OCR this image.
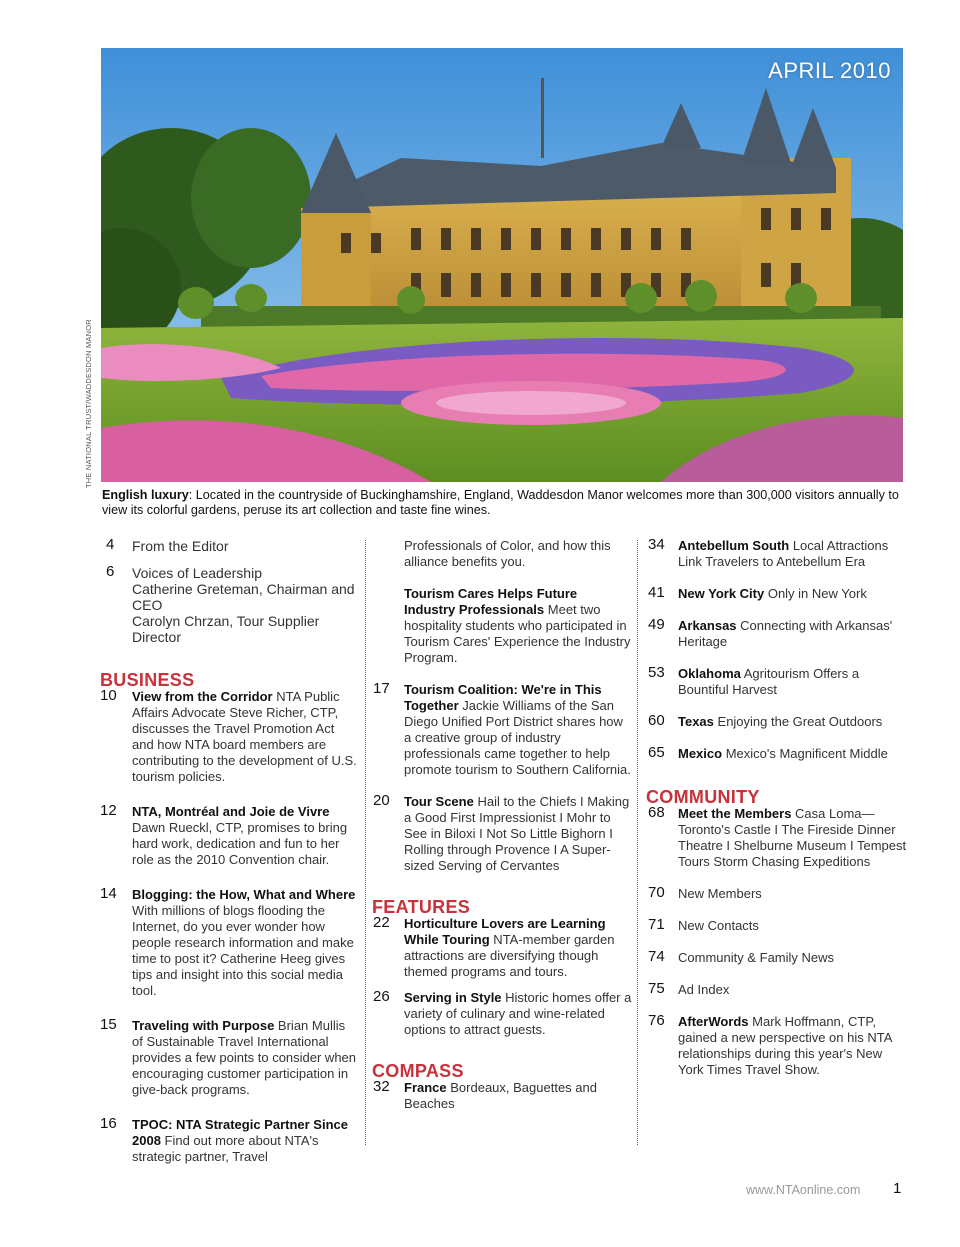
APRIL 2010
THE NATIONAL TRUST/WADDESDON MANOR
English luxury: Located in the countryside of Buckinghamshire, England, Waddesdon Manor welcomes more than 300,000 visitors annually to view its colorful gardens, peruse its art collection and taste fine wines.
4	From the Editor
6	Voices of Leadership
Catherine Greteman, Chairman and CEO
Carolyn Chrzan, Tour Supplier Director
BUSINESS
10	View from the Corridor NTA Public Affairs Advocate Steve Richer, CTP, discusses the Travel Promotion Act and how NTA board members are contributing to the development of U.S. tourism policies.
12	NTA, Montréal and Joie de Vivre Dawn Rueckl, CTP, promises to bring hard work, dedication and fun to her role as the 2010 Convention chair.
14	Blogging: the How, What and Where With millions of blogs flooding the Internet, do you ever wonder how people research information and make time to post it? Catherine Heeg gives tips and insight into this social media tool.
15	Traveling with Purpose Brian Mullis of Sustainable Travel International provides a few points to consider when encouraging customer participation in give-back programs.
16	TPOC: NTA Strategic Partner Since 2008 Find out more about NTA's strategic partner, Travel
Professionals of Color, and how this alliance benefits you.
Tourism Cares Helps Future Industry Professionals Meet two hospitality students who participated in Tourism Cares' Experience the Industry Program.
17	Tourism Coalition: We're in This Together Jackie Williams of the San Diego Unified Port District shares how a creative group of industry professionals came together to help promote tourism to Southern California.
20	Tour Scene Hail to the Chiefs I Making a Good First Impressionist I Mohr to See in Biloxi I Not So Little Bighorn I Rolling through Provence I A Super-sized Serving of Cervantes
FEATURES
22	Horticulture Lovers are Learning While Touring NTA-member garden attractions are diversifying though themed programs and tours.
26	Serving in Style Historic homes offer a variety of culinary and wine-related options to attract guests.
COMPASS
32	France Bordeaux, Baguettes and Beaches
34	Antebellum South Local Attractions Link Travelers to Antebellum Era
41	New York City Only in New York
49	Arkansas Connecting with Arkansas' Heritage
53	Oklahoma Agritourism Offers a Bountiful Harvest
60	Texas Enjoying the Great Outdoors
65	Mexico Mexico's Magnificent Middle
COMMUNITY
68	Meet the Members Casa Loma—Toronto's Castle I The Fireside Dinner Theatre I Shelburne Museum I Tempest Tours Storm Chasing Expeditions
70	New Members
71	New Contacts
74	Community & Family News
75	Ad Index
76	AfterWords Mark Hoffmann, CTP, gained a new perspective on his NTA relationships during this year's New York Times Travel Show.
www.NTAonline.com 1
